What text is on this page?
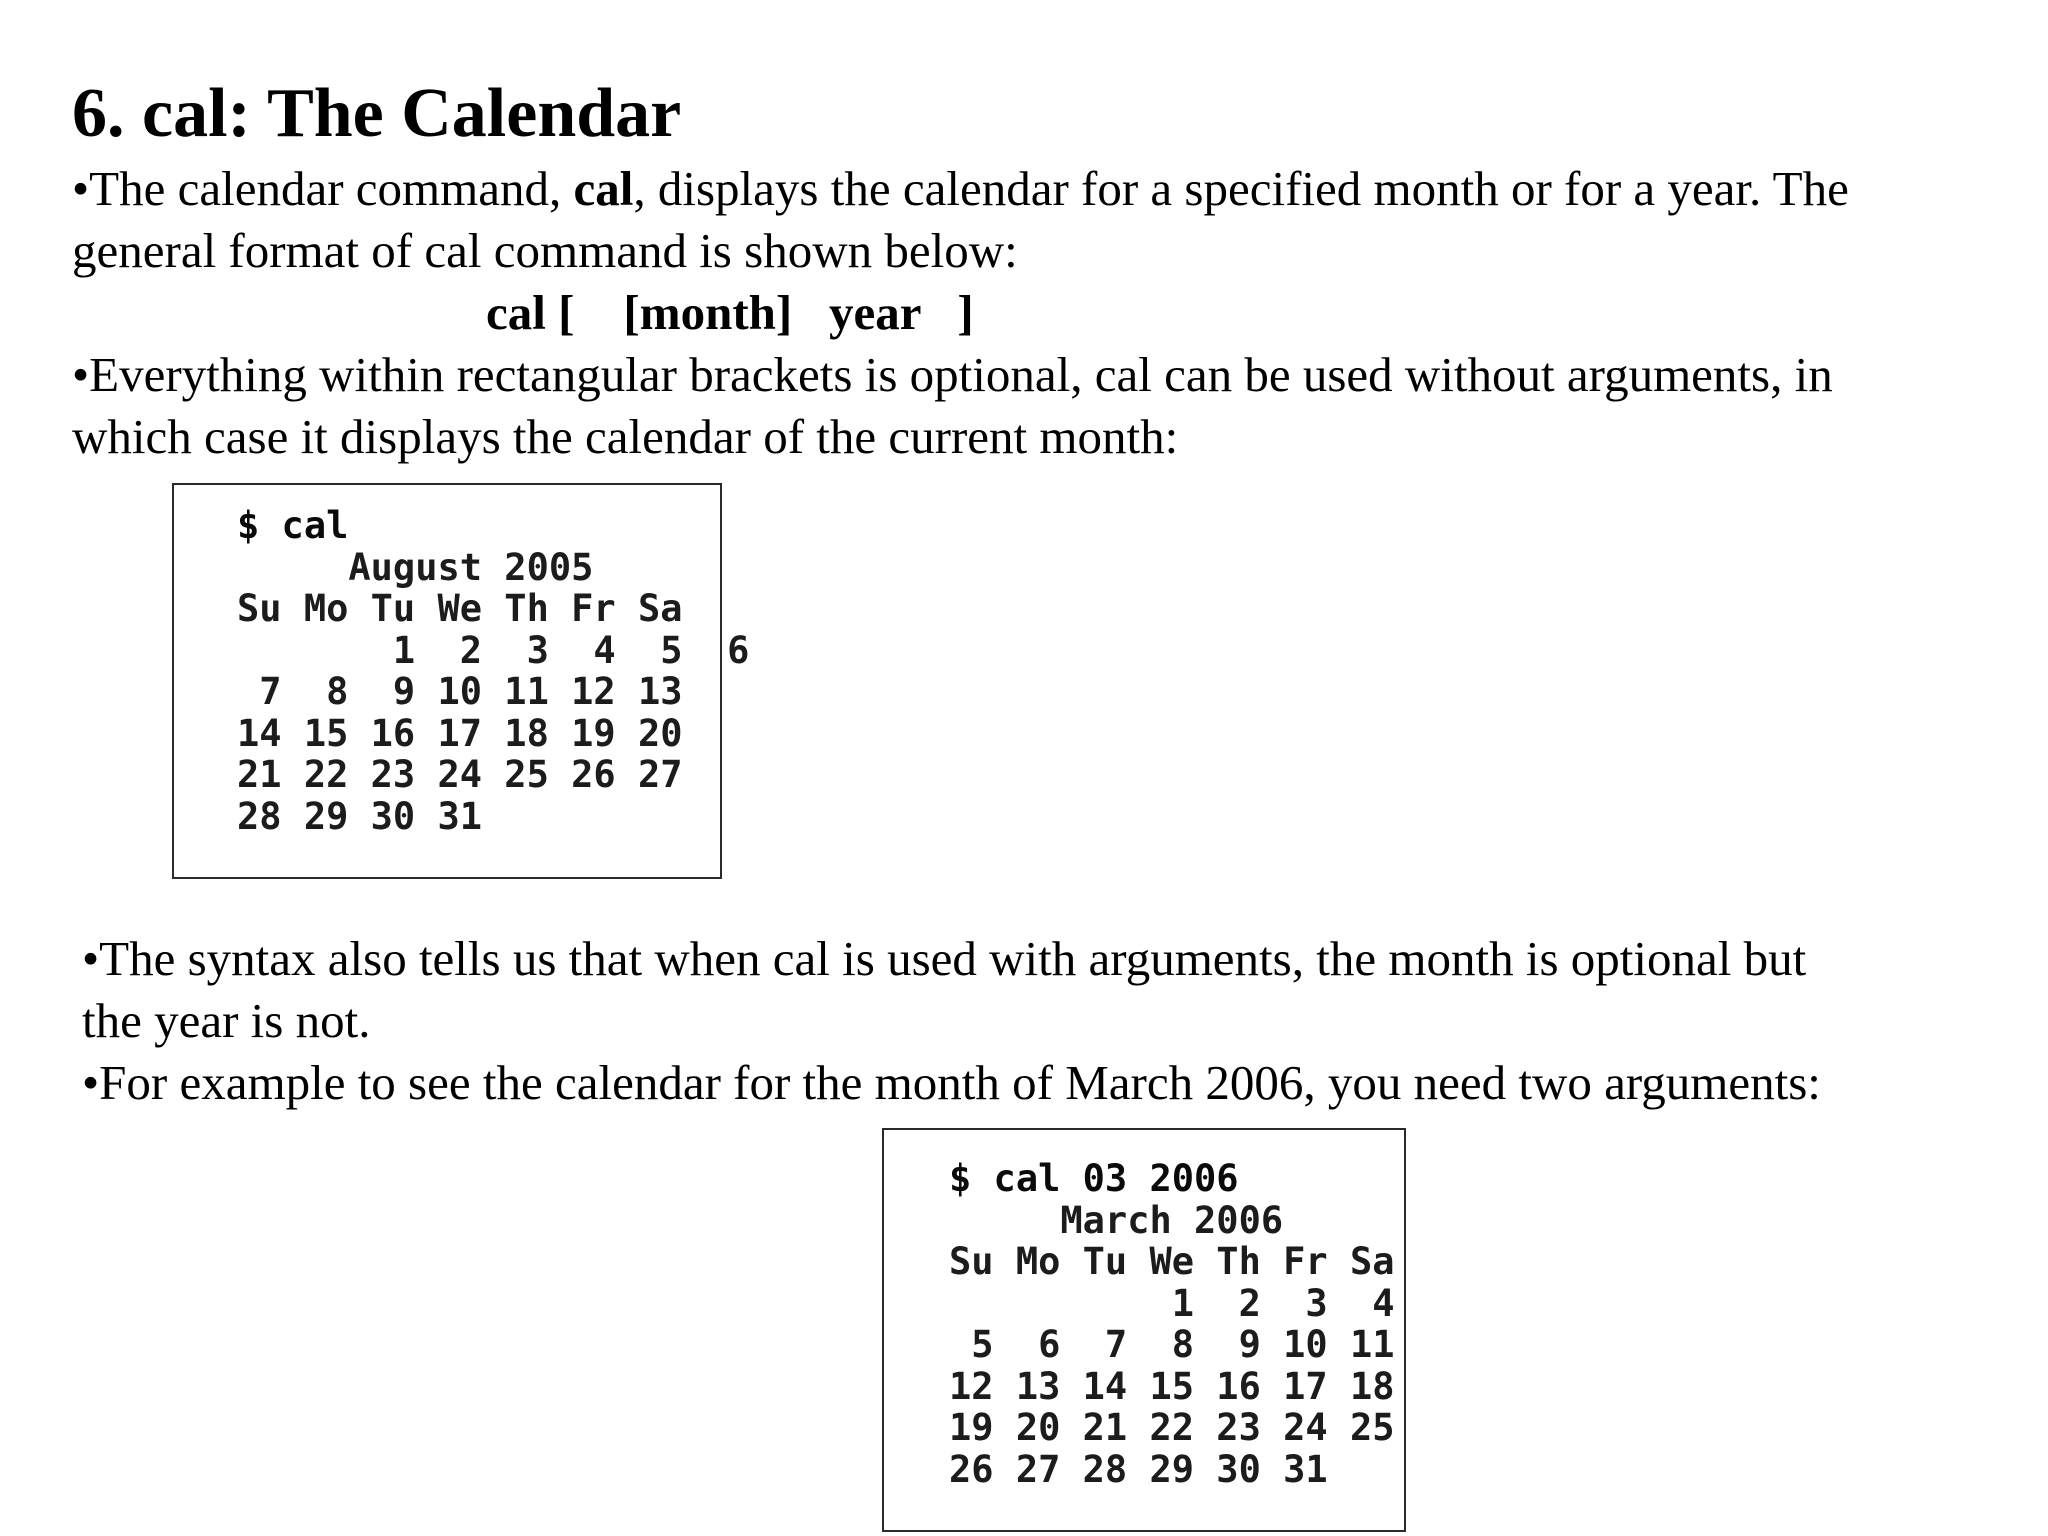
6. cal: The Calendar

•The calendar command, cal, displays the calendar for a specified month or for a year. The
general format of cal command is shown below:

cal [    [month]   year   ]

•Everything within rectangular brackets is optional, cal can be used without arguments, in
which case it displays the calendar of the current month:

$ cal
August 2005
Su Mo Tu We Th Fr Sa
1  2  3  4  5  6
7  8  9 10 11 12 13
14 15 16 17 18 19 20
21 22 23 24 25 26 27
28 29 30 31

•The syntax also tells us that when cal is used with arguments, the month is optional but
the year is not.

•For example to see the calendar for the month of March 2006, you need two arguments:

$ cal 03 2006
March 2006
Su Mo Tu We Th Fr Sa
1  2  3  4
5  6  7  8  9 10 11
12 13 14 15 16 17 18
19 20 21 22 23 24 25
26 27 28 29 30 31
